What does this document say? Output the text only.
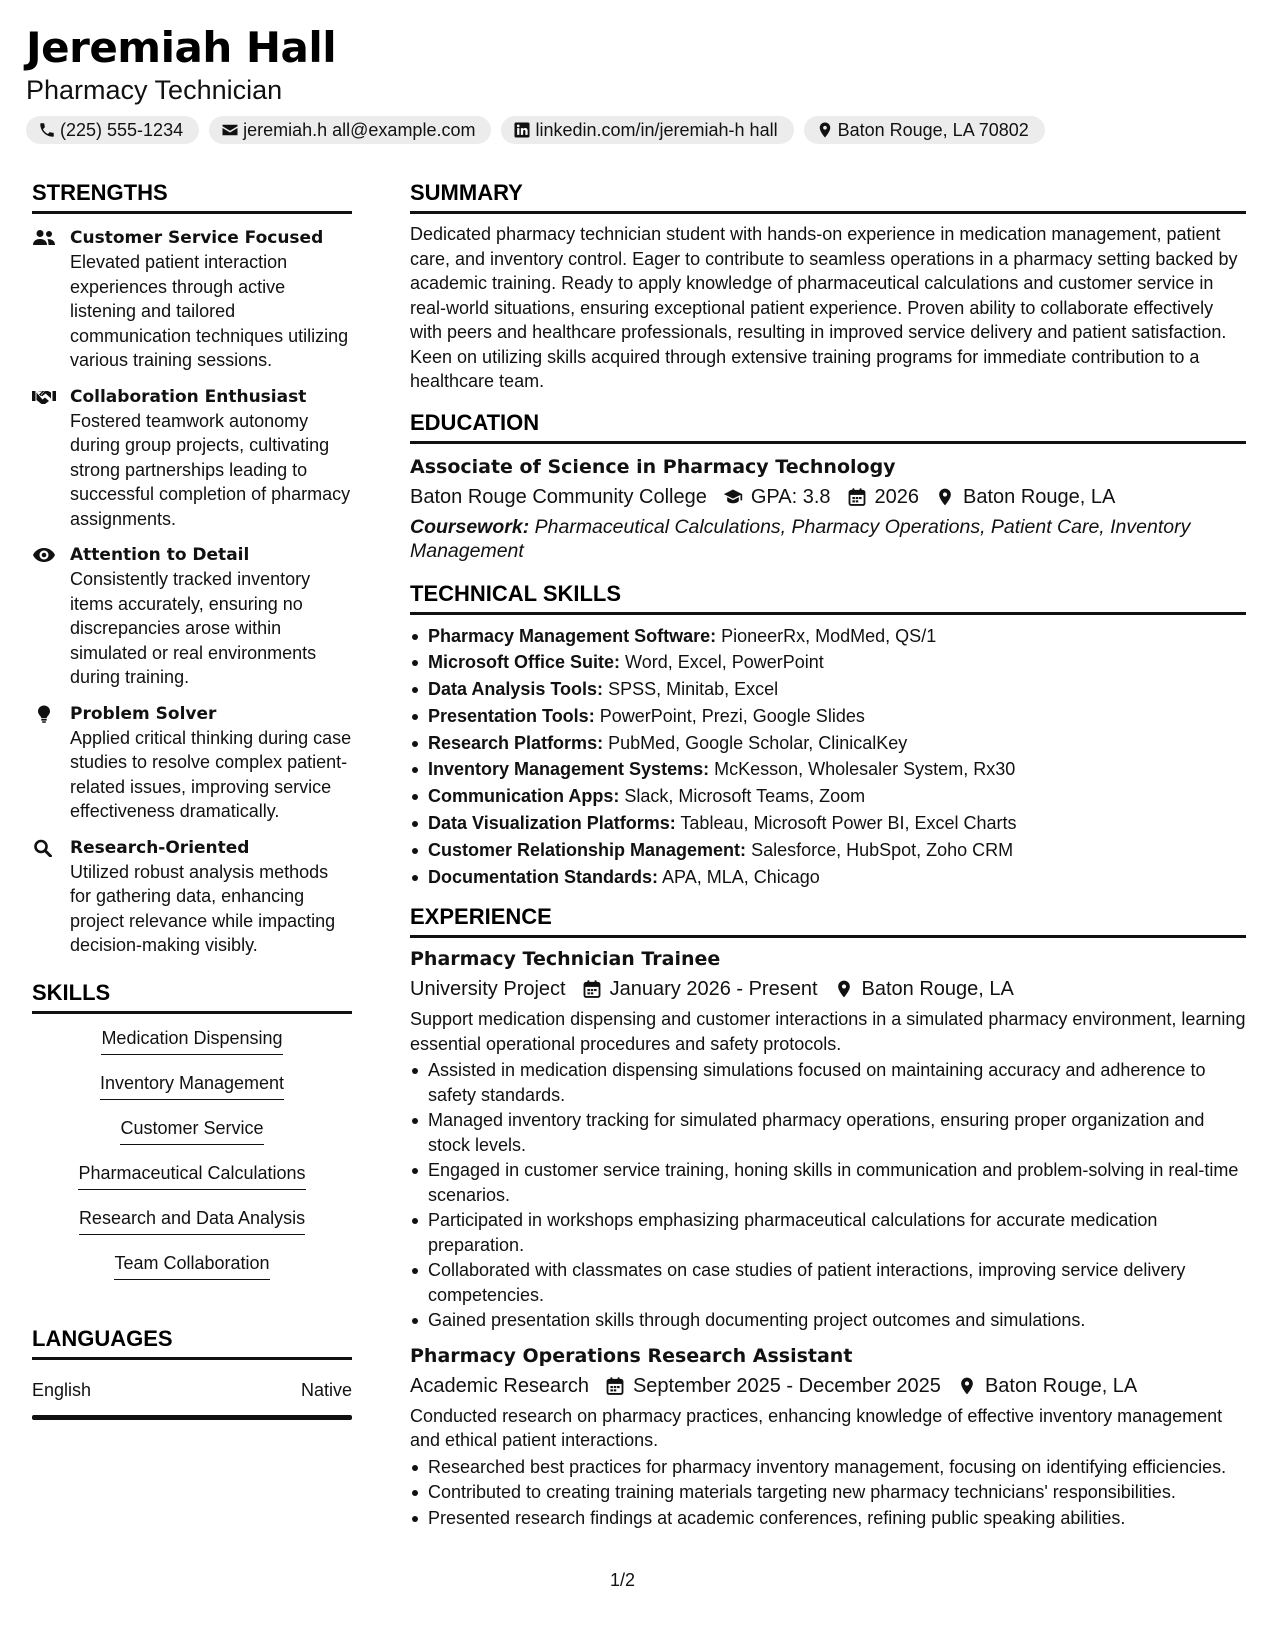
Jeremiah Hall
Pharmacy Technician
(225) 555-1234	jeremiah.h all@example.com	linkedin.com/in/jeremiah-h hall	Baton Rouge, LA 70802
STRENGTHS
Customer Service Focused
Elevated patient interaction experiences through active listening and tailored communication techniques utilizing various training sessions.
Collaboration Enthusiast
Fostered teamwork autonomy during group projects, cultivating strong partnerships leading to successful completion of pharmacy assignments.
Attention to Detail
Consistently tracked inventory items accurately, ensuring no discrepancies arose within simulated or real environments during training.
Problem Solver
Applied critical thinking during case studies to resolve complex patient-related issues, improving service effectiveness dramatically.
Research-Oriented
Utilized robust analysis methods for gathering data, enhancing project relevance while impacting decision-making visibly.
SKILLS
Medication Dispensing
Inventory Management
Customer Service
Pharmaceutical Calculations
Research and Data Analysis
Team Collaboration
LANGUAGES
English	Native
SUMMARY
Dedicated pharmacy technician student with hands-on experience in medication management, patient care, and inventory control. Eager to contribute to seamless operations in a pharmacy setting backed by academic training. Ready to apply knowledge of pharmaceutical calculations and customer service in real-world situations, ensuring exceptional patient experience. Proven ability to collaborate effectively with peers and healthcare professionals, resulting in improved service delivery and patient satisfaction. Keen on utilizing skills acquired through extensive training programs for immediate contribution to a healthcare team.
EDUCATION
Associate of Science in Pharmacy Technology
Baton Rouge Community College GPA: 3.8 2026 Baton Rouge, LA
Coursework: Pharmaceutical Calculations, Pharmacy Operations, Patient Care, Inventory Management
TECHNICAL SKILLS
Pharmacy Management Software: PioneerRx, ModMed, QS/1
Microsoft Office Suite: Word, Excel, PowerPoint
Data Analysis Tools: SPSS, Minitab, Excel
Presentation Tools: PowerPoint, Prezi, Google Slides
Research Platforms: PubMed, Google Scholar, ClinicalKey
Inventory Management Systems: McKesson, Wholesaler System, Rx30
Communication Apps: Slack, Microsoft Teams, Zoom
Data Visualization Platforms: Tableau, Microsoft Power BI, Excel Charts
Customer Relationship Management: Salesforce, HubSpot, Zoho CRM
Documentation Standards: APA, MLA, Chicago
EXPERIENCE
Pharmacy Technician Trainee
University Project January 2026 - Present Baton Rouge, LA
Support medication dispensing and customer interactions in a simulated pharmacy environment, learning essential operational procedures and safety protocols.
Assisted in medication dispensing simulations focused on maintaining accuracy and adherence to safety standards.
Managed inventory tracking for simulated pharmacy operations, ensuring proper organization and stock levels.
Engaged in customer service training, honing skills in communication and problem-solving in real-time scenarios.
Participated in workshops emphasizing pharmaceutical calculations for accurate medication preparation.
Collaborated with classmates on case studies of patient interactions, improving service delivery competencies.
Gained presentation skills through documenting project outcomes and simulations.
Pharmacy Operations Research Assistant
Academic Research September 2025 - December 2025 Baton Rouge, LA
Conducted research on pharmacy practices, enhancing knowledge of effective inventory management and ethical patient interactions.
Researched best practices for pharmacy inventory management, focusing on identifying efficiencies.
Contributed to creating training materials targeting new pharmacy technicians' responsibilities.
Presented research findings at academic conferences, refining public speaking abilities.
1/2
